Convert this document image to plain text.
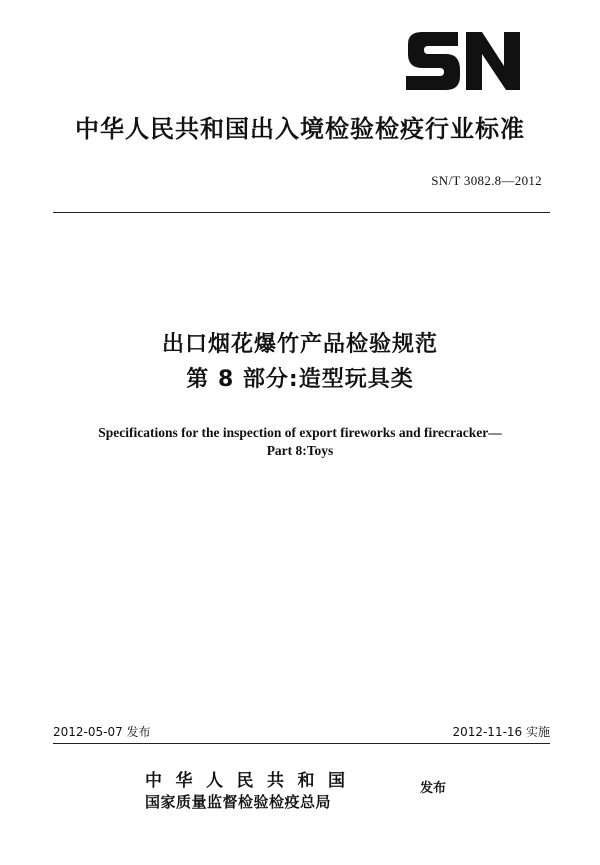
中华人民共和国出入境检验检疫行业标准
SN/T 3082.8—2012
出口烟花爆竹产品检验规范
第 8 部分:造型玩具类
Specifications for the inspection of export fireworks and firecracker—
Part 8:Toys
2012-05-07 发布	2012-11-16 实施
中华人民共和国
国家质量监督检验检疫总局
发布
